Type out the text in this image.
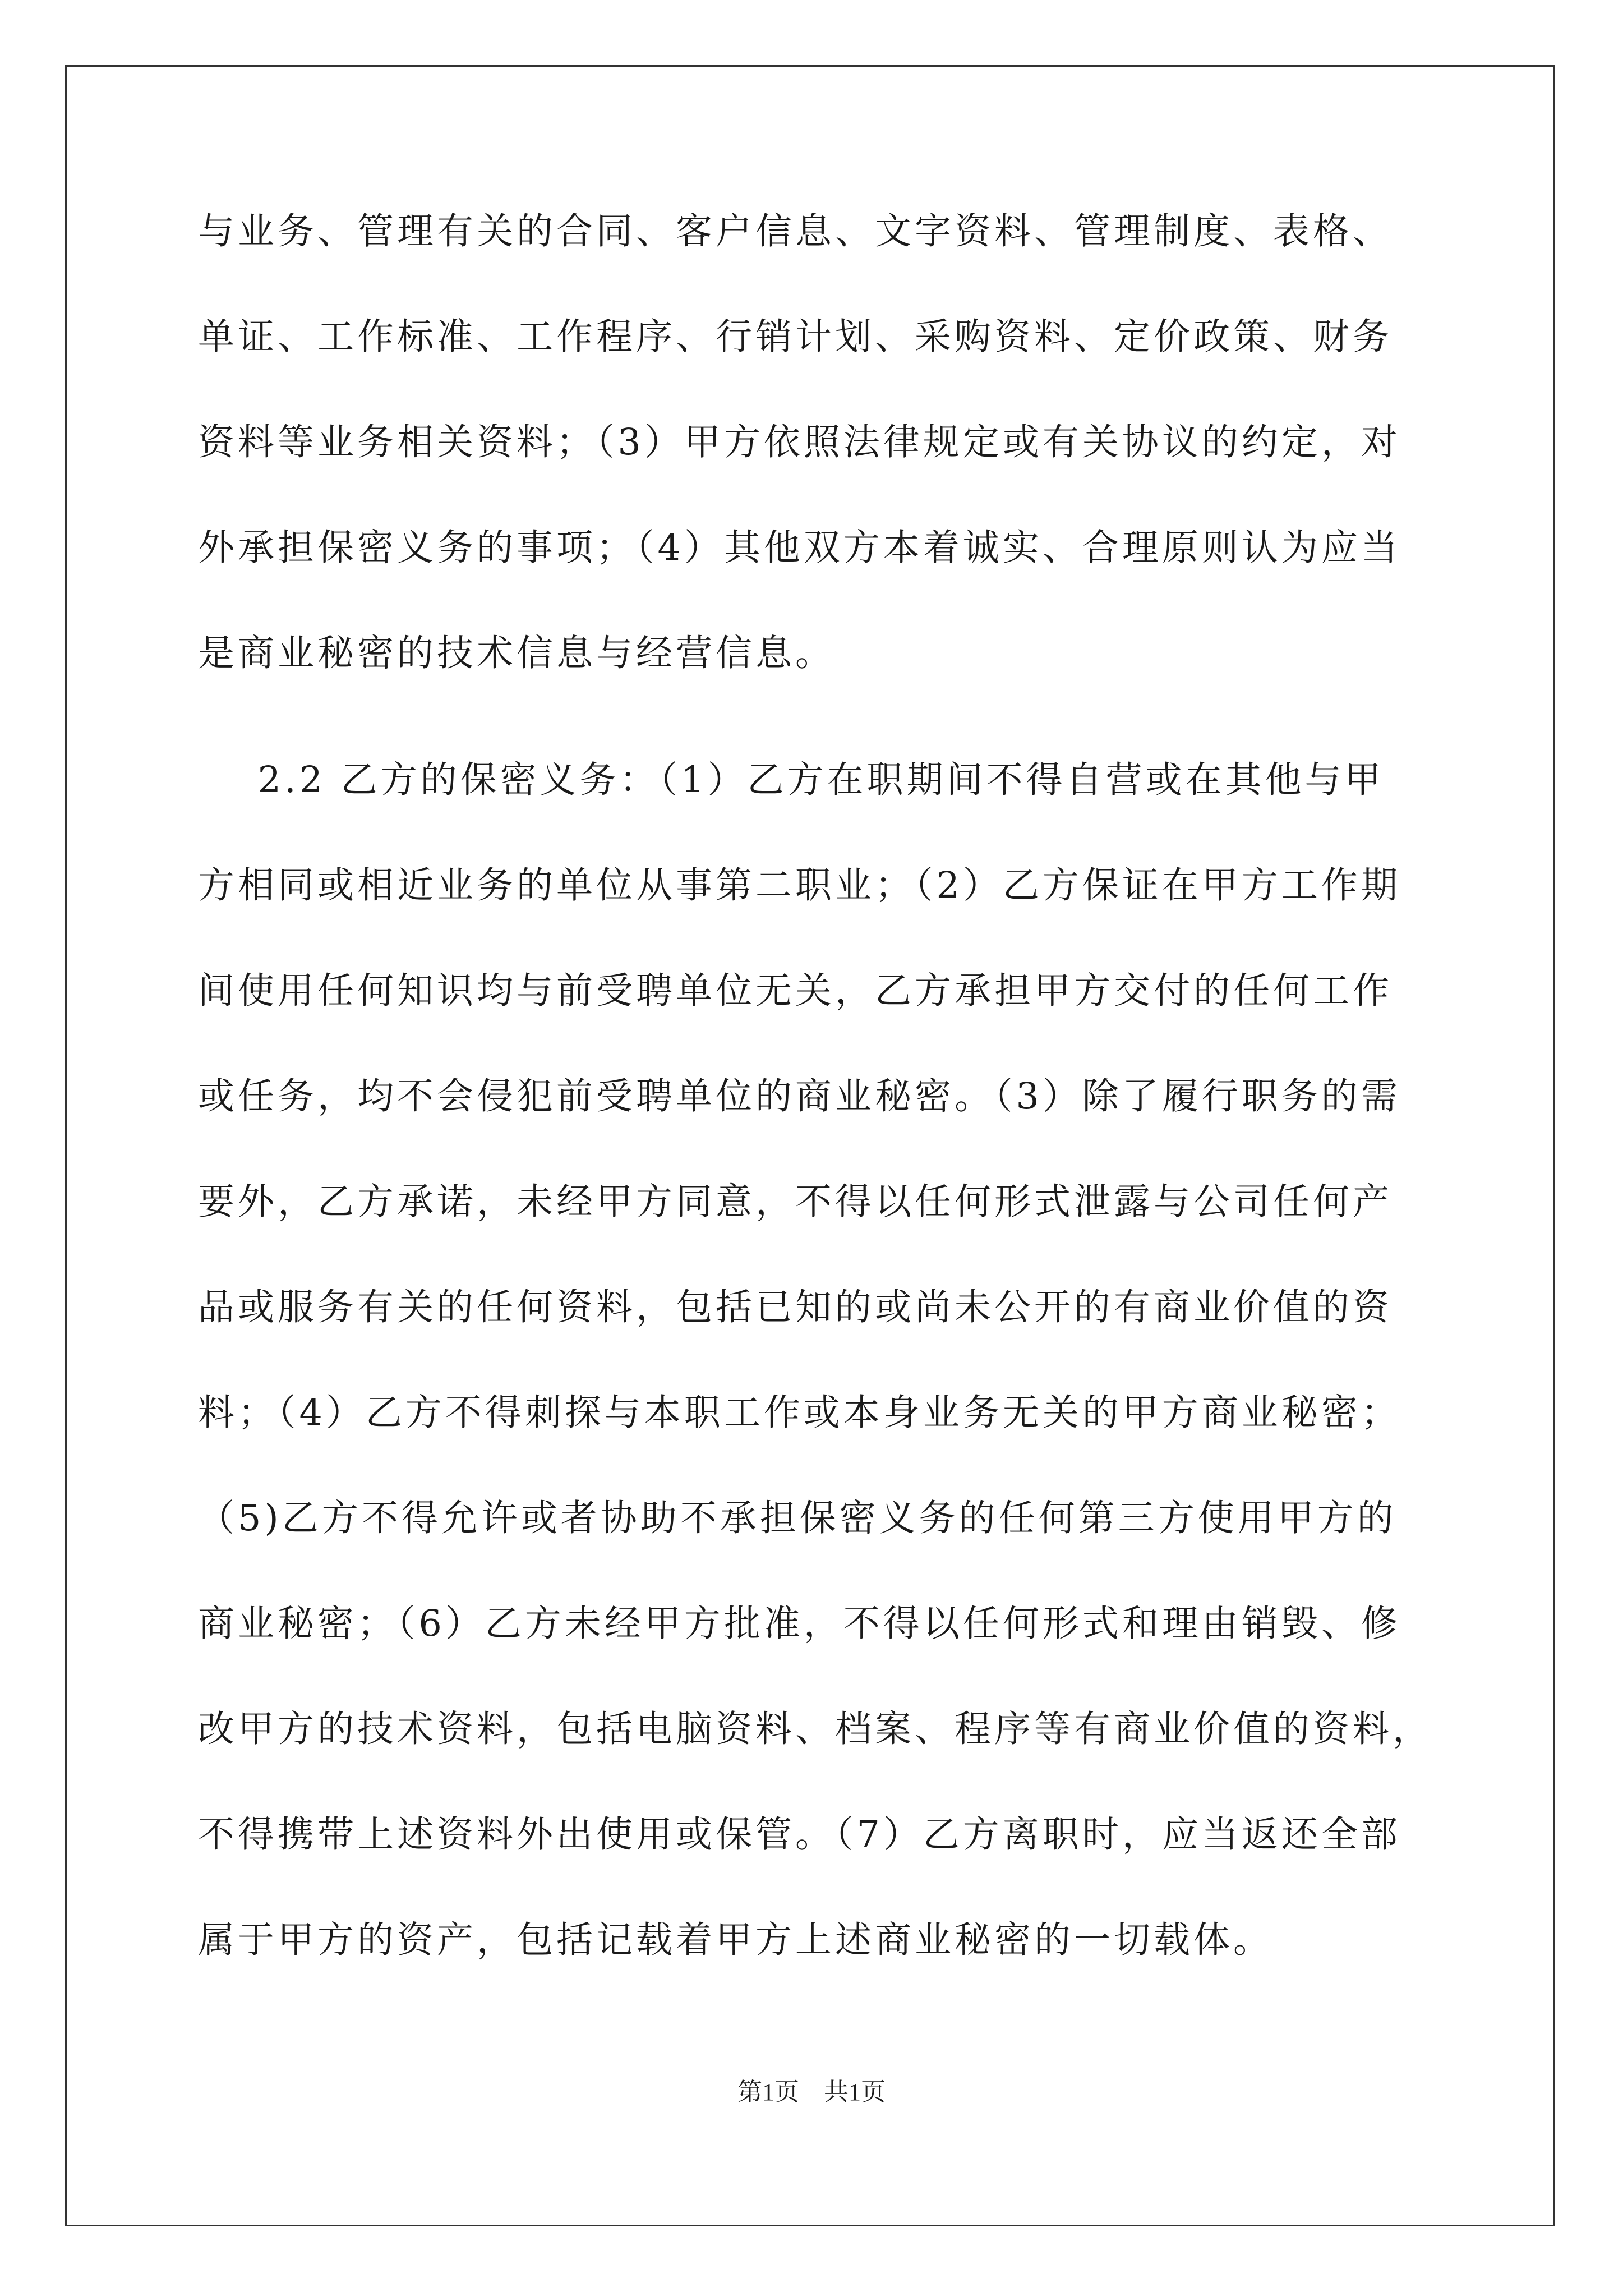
与业务、管理有关的合同、客户信息、文字资料、管理制度、表格、
单证、工作标准、工作程序、行销计划、采购资料、定价政策、财务
资料等业务相关资料；（3）甲方依照法律规定或有关协议的约定，对
外承担保密义务的事项；（4）其他双方本着诚实、合理原则认为应当
是商业秘密的技术信息与经营信息。
2.2 乙方的保密义务：（1）乙方在职期间不得自营或在其他与甲
方相同或相近业务的单位从事第二职业；（2）乙方保证在甲方工作期
间使用任何知识均与前受聘单位无关，乙方承担甲方交付的任何工作
或任务，均不会侵犯前受聘单位的商业秘密。（3）除了履行职务的需
要外，乙方承诺，未经甲方同意，不得以任何形式泄露与公司任何产
品或服务有关的任何资料，包括已知的或尚未公开的有商业价值的资
料；（4）乙方不得刺探与本职工作或本身业务无关的甲方商业秘密；
（5)乙方不得允许或者协助不承担保密义务的任何第三方使用甲方的
商业秘密；（6）乙方未经甲方批准，不得以任何形式和理由销毁、修
改甲方的技术资料，包括电脑资料、档案、程序等有商业价值的资料，
不得携带上述资料外出使用或保管。（7）乙方离职时，应当返还全部
属于甲方的资产，包括记载着甲方上述商业秘密的一切载体。
第1页　共1页
